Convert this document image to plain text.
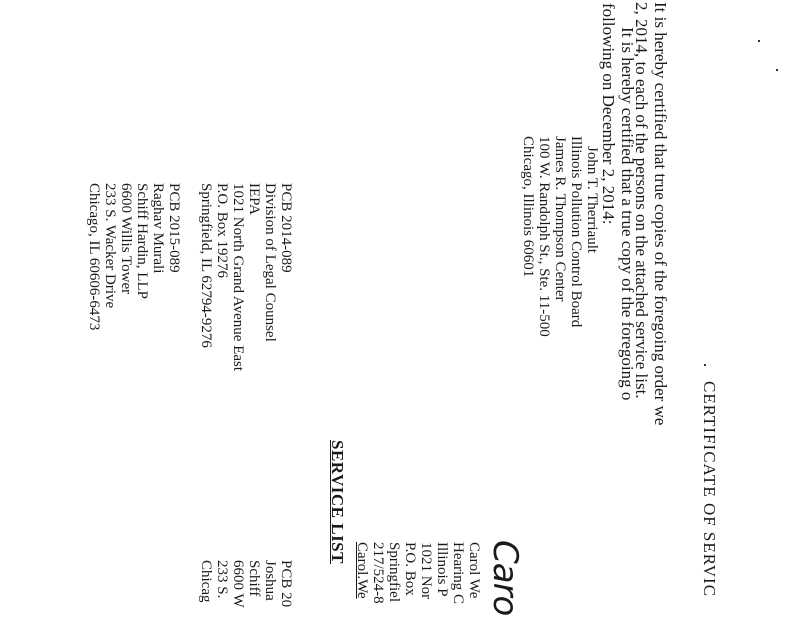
CERTIFICATE OF SERVIC
It is hereby certified that true copies of the foregoing order we
2, 2014, to each of the persons on the attached service list.
It is hereby certified that a true copy of the foregoing o
following on December 2, 2014:
John T. Therriault
Illinois Pollution Control Board
James R. Thompson Center
100 W. Randolph St., Ste. 11-500
Chicago, Illinois 60601
Caro
Carol We
Hearing C
Illinois P
1021 Nor
P.O. Box
Springfiel
217/524-8
Carol.We
SERVICE LIST
PCB 2014-089
Division of Legal Counsel
IEPA
1021 North Grand Avenue East
P.O. Box 19276
Springfield, IL 62794-9276
PCB 2015-089
Raghav Murali
Schiff Hardin, LLP
6600 Willis Tower
233 S. Wacker Drive
Chicago, IL 60606-6473
PCB 20
Joshua
Schiff
6600 W
233 S.
Chicag
